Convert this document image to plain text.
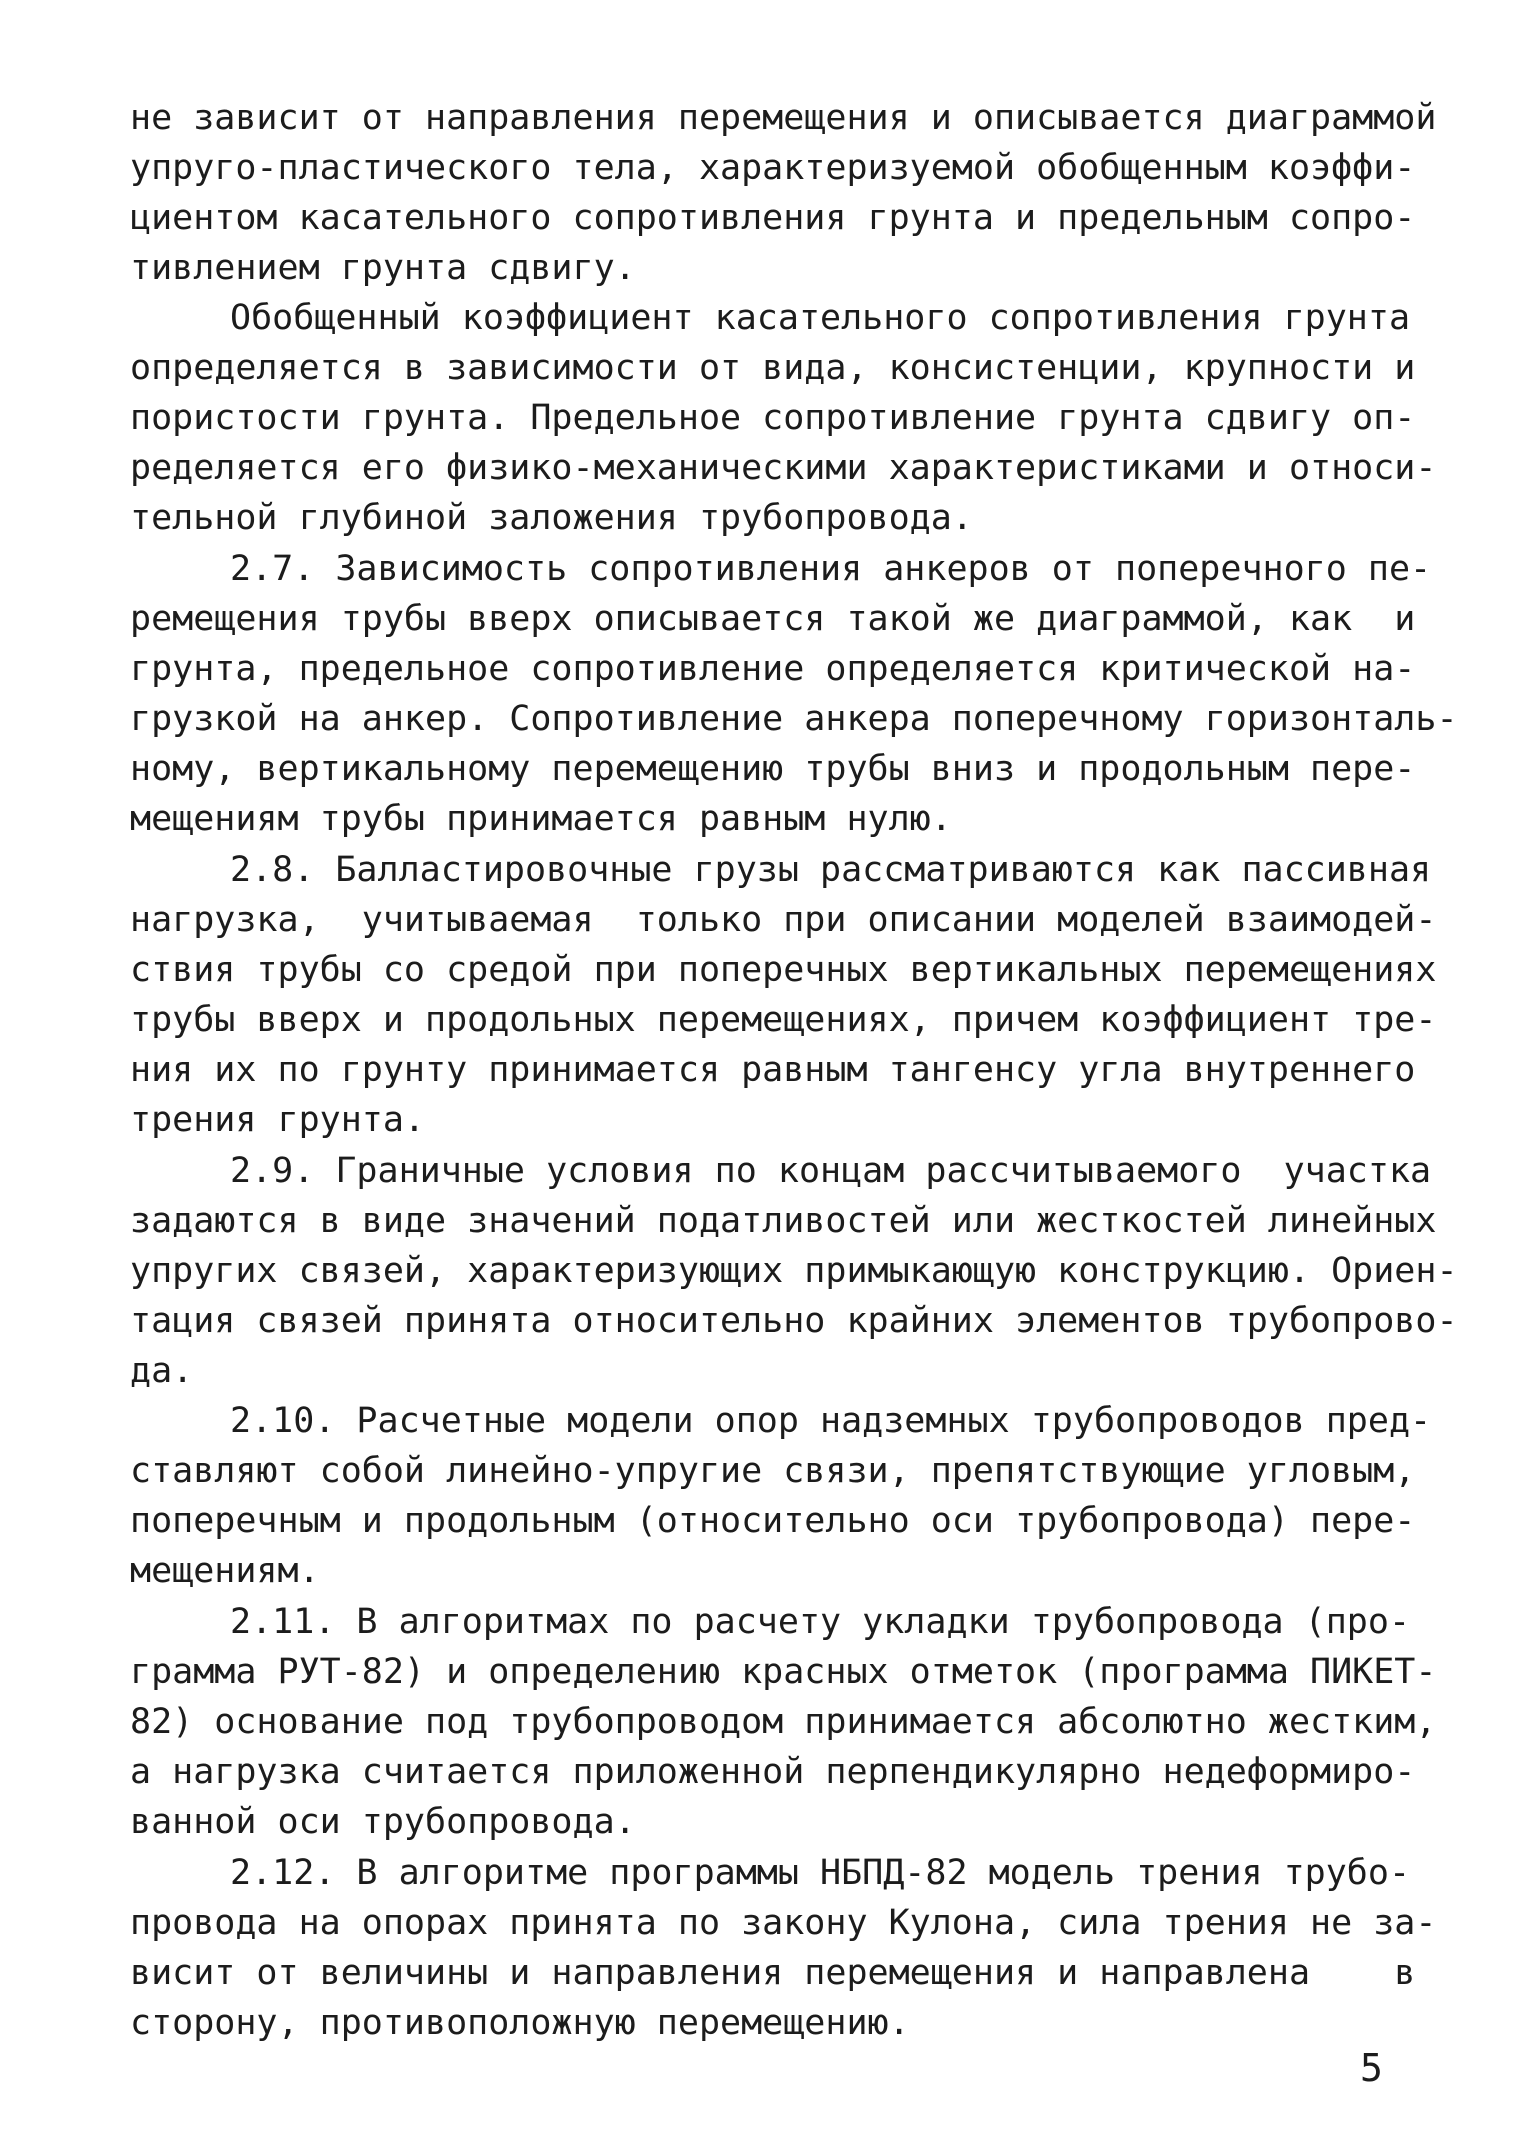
не зависит от направления перемещения и описывается диаграммой
упруго-пластического тела, характеризуемой обобщенным коэффи-
циентом касательного сопротивления грунта и предельным сопро-
тивлением грунта сдвигу.
Обобщенный коэффициент касательного сопротивления грунта
определяется в зависимости от вида, консистенции, крупности и
пористости грунта. Предельное сопротивление грунта сдвигу оп-
ределяется его физико-механическими характеристиками и относи-
тельной глубиной заложения трубопровода.
2.7. Зависимость сопротивления анкеров от поперечного пе-
ремещения трубы вверх описывается такой же диаграммой, как  и
грунта, предельное сопротивление определяется критической на-
грузкой на анкер. Сопротивление анкера поперечному горизонталь-
ному, вертикальному перемещению трубы вниз и продольным пере-
мещениям трубы принимается равным нулю.
2.8. Балластировочные грузы рассматриваются как пассивная
нагрузка,  учитываемая  только при описании моделей взаимодей-
ствия трубы со средой при поперечных вертикальных перемещениях
трубы вверх и продольных перемещениях, причем коэффициент тре-
ния их по грунту принимается равным тангенсу угла внутреннего
трения грунта.
2.9. Граничные условия по концам рассчитываемого  участка
задаются в виде значений податливостей или жесткостей линейных
упругих связей, характеризующих примыкающую конструкцию. Ориен-
тация связей принята относительно крайних элементов трубопрово-
да.
2.10. Расчетные модели опор надземных трубопроводов пред-
ставляют собой линейно-упругие связи, препятствующие угловым,
поперечным и продольным (относительно оси трубопровода) пере-
мещениям.
2.11. В алгоритмах по расчету укладки трубопровода (про-
грамма РУТ-82) и определению красных отметок (программа ПИКЕТ-
82) основание под трубопроводом принимается абсолютно жестким,
а нагрузка считается приложенной перпендикулярно недеформиро-
ванной оси трубопровода.
2.12. В алгоритме программы НБПД-82 модель трения трубо-
провода на опорах принята по закону Кулона, сила трения не за-
висит от величины и направления перемещения и направлена    в
сторону, противоположную перемещению.
5
